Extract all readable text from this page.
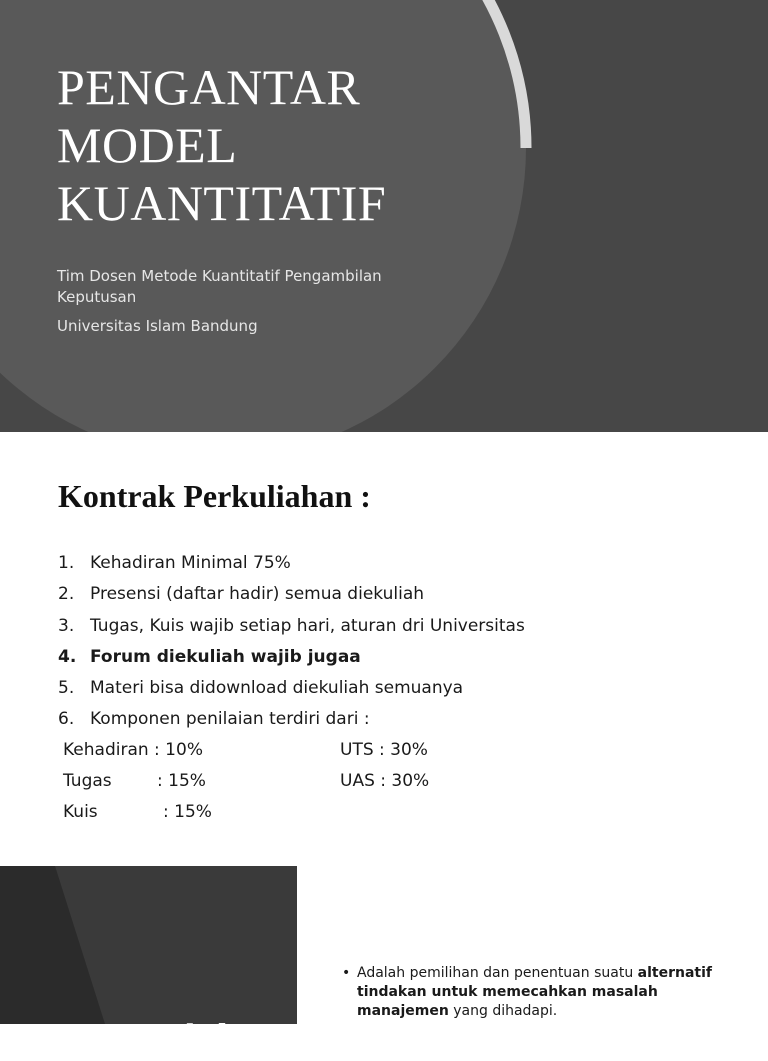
PENGANTAR
MODEL
KUANTITATIF
Tim Dosen Metode Kuantitatif Pengambilan Keputusan
Universitas Islam Bandung
Kontrak Perkuliahan :
1. Kehadiran Minimal 75%
2. Presensi (daftar hadir) semua diekuliah
3. Tugas, Kuis wajib setiap hari, aturan dri Universitas
4. Forum diekuliah wajib jugaa
5. Materi bisa didownload diekuliah semuanya
6. Komponen penilaian terdiri dari :
Kehadiran : 10%
Tugas	: 15%
Kuis	: 15%
UTS : 30%
UAS : 30%
Pengambilan
• Adalah pemilihan dan penentuan suatu alternatif tindakan untuk memecahkan masalah manajemen yang dihadapi.
